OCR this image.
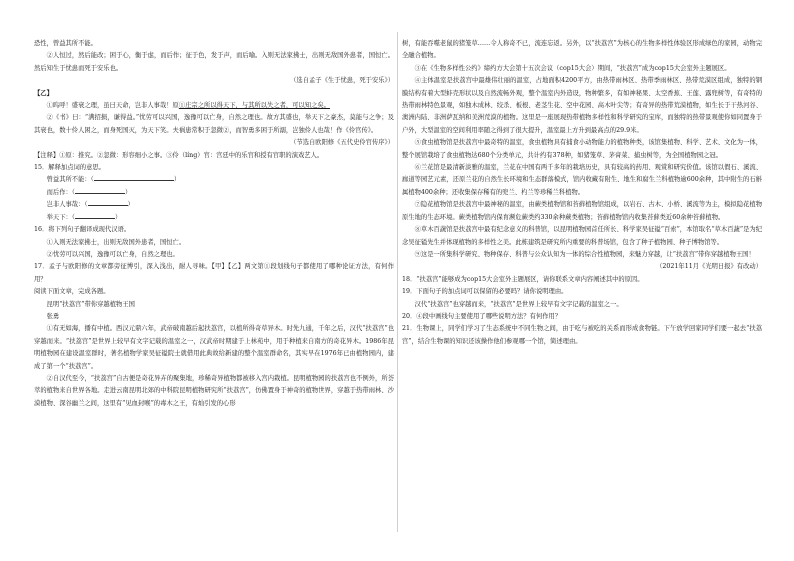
恐性，曾益其所不能。

②人恒过，然后能改；困于心，衡于虑，而后作；征于色，发于声，而后喻。入则无法家拂士，出则无敌国外患者，国恒亡。然后知生于忧患而死于安乐也。

（选自孟子《生于忧患，死于安乐》）

【乙】

①呜呼！盛衰之理，虽曰天命，岂非人事哉！原①庄宗之所以得天下，与其所以失之者，可以知之矣。

②《书》曰：“满招损，谦得益。”忧劳可以兴国，逸豫可以亡身，自然之理也。故方其盛也，举天下之豪杰，莫能与之争；及其衰也，数十伶人困之，而身死国灭，为天下笑。夫祸患常积于忽微②，而智勇多困于所溺，岂独伶人也哉！作《伶官传》。

（节选自欧阳修《五代史伶官传序》）

【注释】①原：推究。②忽微：形容细小之事。③伶（líng）官：宫廷中的乐官和授有官职的演戏艺人。

15．解释加点词的意思。

曾益其所不能：（	）

而后作：（	）

岂非人事哉：（	）

举天下：（	）

16．将下列句子翻译成现代汉语。

①入则无法家拂士，出则无敌国外患者，国恒亡。

②忧劳可以兴国，逸豫可以亡身，自然之理也。

17．孟子与欧阳修的文章都旁征博引，深入浅出，耐人寻味。【甲】【乙】两文第①段划线句子都使用了哪种论证方法，有何作用？

阅读下面文章，完成各题。

昆明“扶荔宫”带你穿越植物王国

张勇

①有无如海，播有中植。西汉元鼎六年，武帝破南越后起扶荔宫，以植所得奇草异木。时先九通，千年之后，汉代“扶荔宫”也穿越而来。“扶荔宫”是世界上较早有文字记载的温室之一，汉武帝时期建于上林苑中，用于种植来自南方的奇花异木。1986年昆明植物园在建设温室群时，著名植物学家吴征镒院士就借用此典故给新建的整个温室群命名，其实早在1976年已由植物园内，建成了第一个“扶荔宫”。

②自汉代至今，“扶荔宫”自古便是奇花异卉的聚集地，珍稀奇异植物都被移入宫内栽植。昆明植物园的扶荔宫也不例外，所荟萃的植物来自世界各地。走进云南昆明北郊的中科院昆明植物研究所“扶荔宫”，仿佛置身于神奇的植物世界，穿越于热带雨林、沙漠植物、深谷幽兰之间，这里有“见血封喉”的毒木之王，有灿引发的心形

树，有能吞噬老鼠的猪笼草……令人称奇不已，流连忘返。另外，以“扶荔宫”为核心的生物多样性体验区形成绿色的家园，动物完全融合植物。

③在《生物多样性公约》缔约方大会第十五次会议（cop15大会）期间，“扶荔宫”成为cop15大会室外主题展区。

④主体温室是扶荔宫中最雄伟壮丽的温室，占地面积4200平方，由热带雨林区、热带季雨林区、热带荒漠区组成，独特的钢膜结构有着大型蚌壳形状以及自然流畅外观，整个温室内外造设，物种繁多，有如神秘果、太空香蕉、王莲、露兜树等，有奇特的热带雨林特色景观，如独木成林、绞杀、板根、老茎生花、空中花园、高木叶尖等；有奇异的热带荒漠植物，如生长于干热河谷、澳洲内陆、非洲萨瓦纳和美洲荒漠的植物。这里是一座展现热带植物多样性和科学研究的宝库，而独特的热带景观使你如同置身于户外，大型温室的空间利用率随之得到了很大提升，温室最上方升到最高点的29.9米。

⑤食虫植物馆是扶荔宫中最奇特的温室，食虫植物具有捕食小动物能力的植物种类，该馆集植物、科学、艺术、文化为一体，整个展馆栽培了食虫植物达680个分类单元，共计约有378种，如猪笼草、茅膏菜、捕虫树等，为全国植物园之冠。

⑥兰花馆是最清新淡雅的温室，兰花在中国有两千多年的栽培历史，具有较高的药用、观赏和研究价值。该馆以假石、溪流、廊道等园艺元素，还原兰花的自然生长环境和生态群落模式，馆内收藏有附生、地生和腐生兰科植物逾600余种，其中附生的石斛属植物400余种；还收集保存稀有的兜兰、杓兰等珍稀兰科植物。

⑦隐花植物馆是扶荔宫中最神秘的温室，由蕨类植物馆和苔藓植物馆组成，以岩石、古木、小桥、溪流等为主，模拟隐花植物原生地的生态环境。蕨类植物馆内保育濒危蕨类约330余种蕨类植物；苔藓植物馆内收集苔藓类近60余种苔藓植物。

⑧草木百蔬馆是扶荔宫中最有纪念意义的科普馆，以昆明植物园首任所长、科学家吴征镒“百索”，本馆取名“草木百蔬”是为纪念吴征镒先生并体现植物的多样性之美。此栋建筑是研究所内重要的科普场馆，包含了种子植物园、种子博物馆等。

⑨这是一所集科学研究、物种保存、科普与公众认知为一体的综合性植物园，来魅力穿越，让“扶荔宫”带你穿越植物王国！

（2021年11月《光明日报》有改动）

18．“扶荔宫”能够成为cop15大会室外主题展区，请你联系文章内容阐述其中的原因。

19．下面句子的加点词可以保留的必要吗？请你说明理由。

汉代“扶荔宫”也穿越而来，“扶荔宫”是世界上较早有文字记载的温室之一。

20．④段中画线句主要使用了哪些说明方法？有何作用？

21．生物课上，同学们学习了生态系统中不同生物之间，由于吃与被吃的关系而形成食物链。下午放学回家同学们要一起去“扶荔宫”，结合生物课的知识还该操作他们参观哪一个馆，简述理由。
